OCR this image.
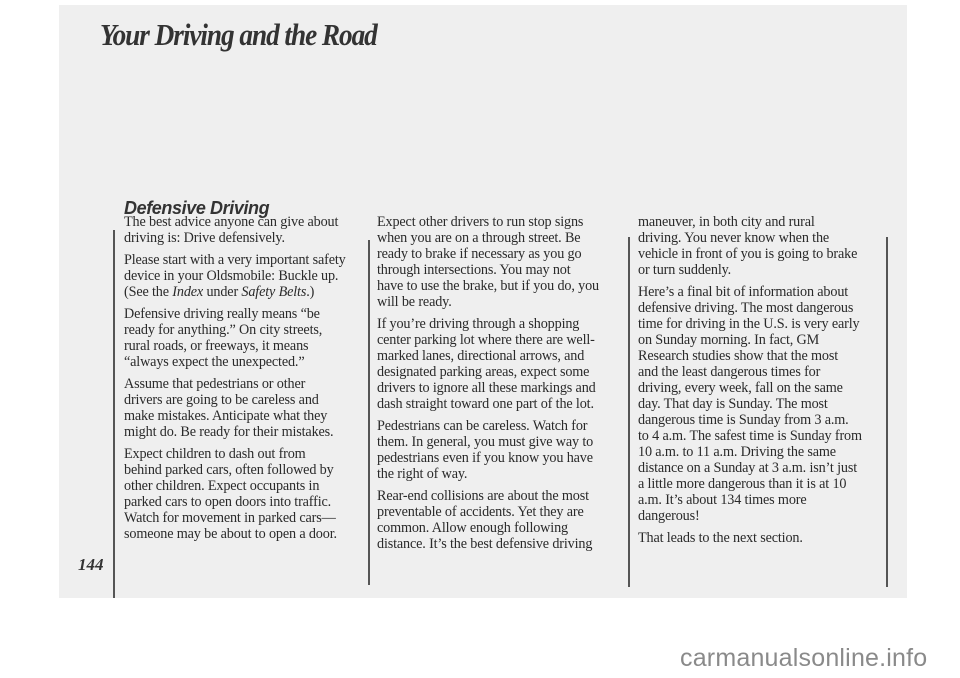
Your Driving and the Road
Defensive Driving

The best advice anyone can give about
driving is: Drive defensively.

Please start with a very important safety
device in your Oldsmobile: Buckle up.
(See the Index under Safety Belts.)

Defensive driving really means “be
ready for anything.” On city streets,
rural roads, or freeways, it means
“always expect the unexpected.”

Assume that pedestrians or other
drivers are going to be careless and
make mistakes. Anticipate what they
might do. Be ready for their mistakes.

Expect children to dash out from
behind parked cars, often followed by
other children. Expect occupants in
parked cars to open doors into traffic.
Watch for movement in parked cars—
someone may be about to open a door.

Expect other drivers to run stop signs
when you are on a through street. Be
ready to brake if necessary as you go
through intersections. You may not
have to use the brake, but if you do, you
will be ready.

If you’re driving through a shopping
center parking lot where there are well-
marked lanes, directional arrows, and
designated parking areas, expect some
drivers to ignore all these markings and
dash straight toward one part of the lot.

Pedestrians can be careless. Watch for
them. In general, you must give way to
pedestrians even if you know you have
the right of way.

Rear-end collisions are about the most
preventable of accidents. Yet they are
common. Allow enough following
distance. It’s the best defensive driving

maneuver, in both city and rural
driving. You never know when the
vehicle in front of you is going to brake
or turn suddenly.

Here’s a final bit of information about
defensive driving. The most dangerous
time for driving in the U.S. is very early
on Sunday morning. In fact, GM
Research studies show that the most
and the least dangerous times for
driving, every week, fall on the same
day. That day is Sunday. The most
dangerous time is Sunday from 3 a.m.
to 4 a.m. The safest time is Sunday from
10 a.m. to 11 a.m. Driving the same
distance on a Sunday at 3 a.m. isn’t just
a little more dangerous than it is at 10
a.m. It’s about 134 times more
dangerous!

That leads to the next section.

144
carmanualsonline.info
